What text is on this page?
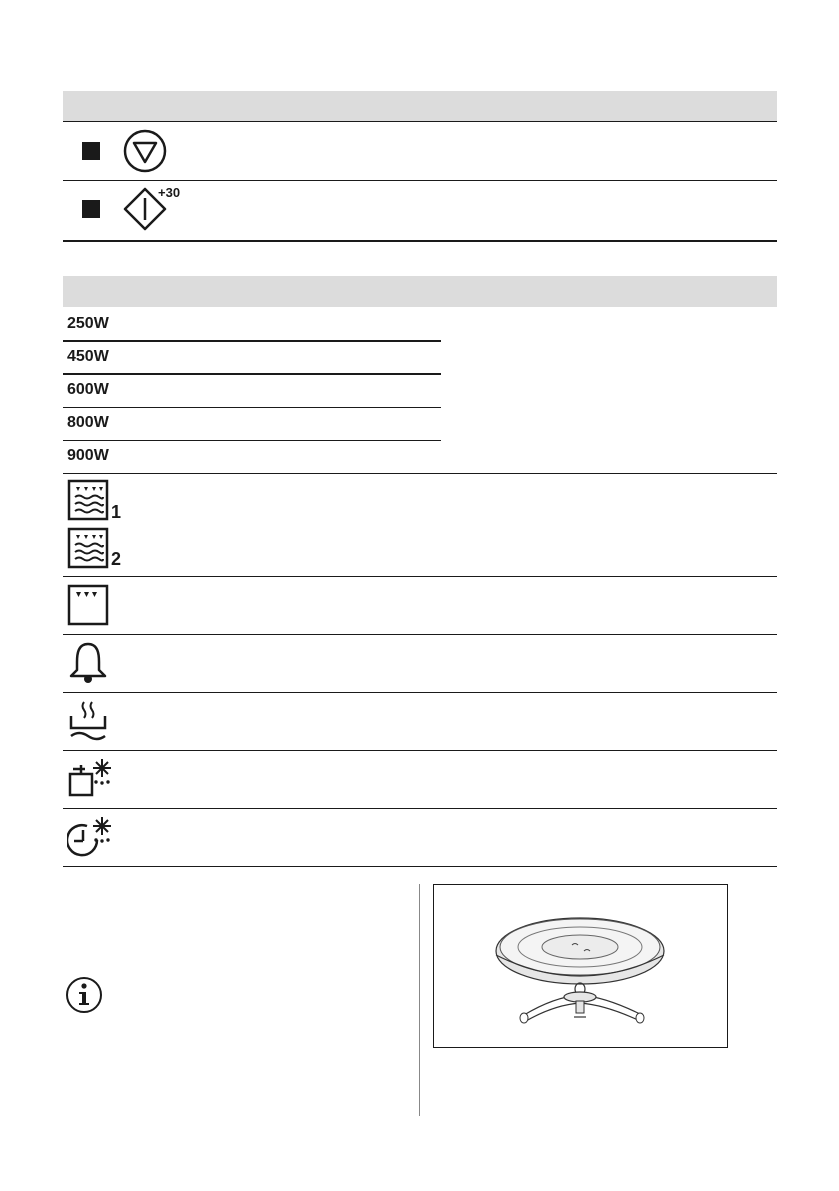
+30
250W
450W
600W
800W
900W
1
2
